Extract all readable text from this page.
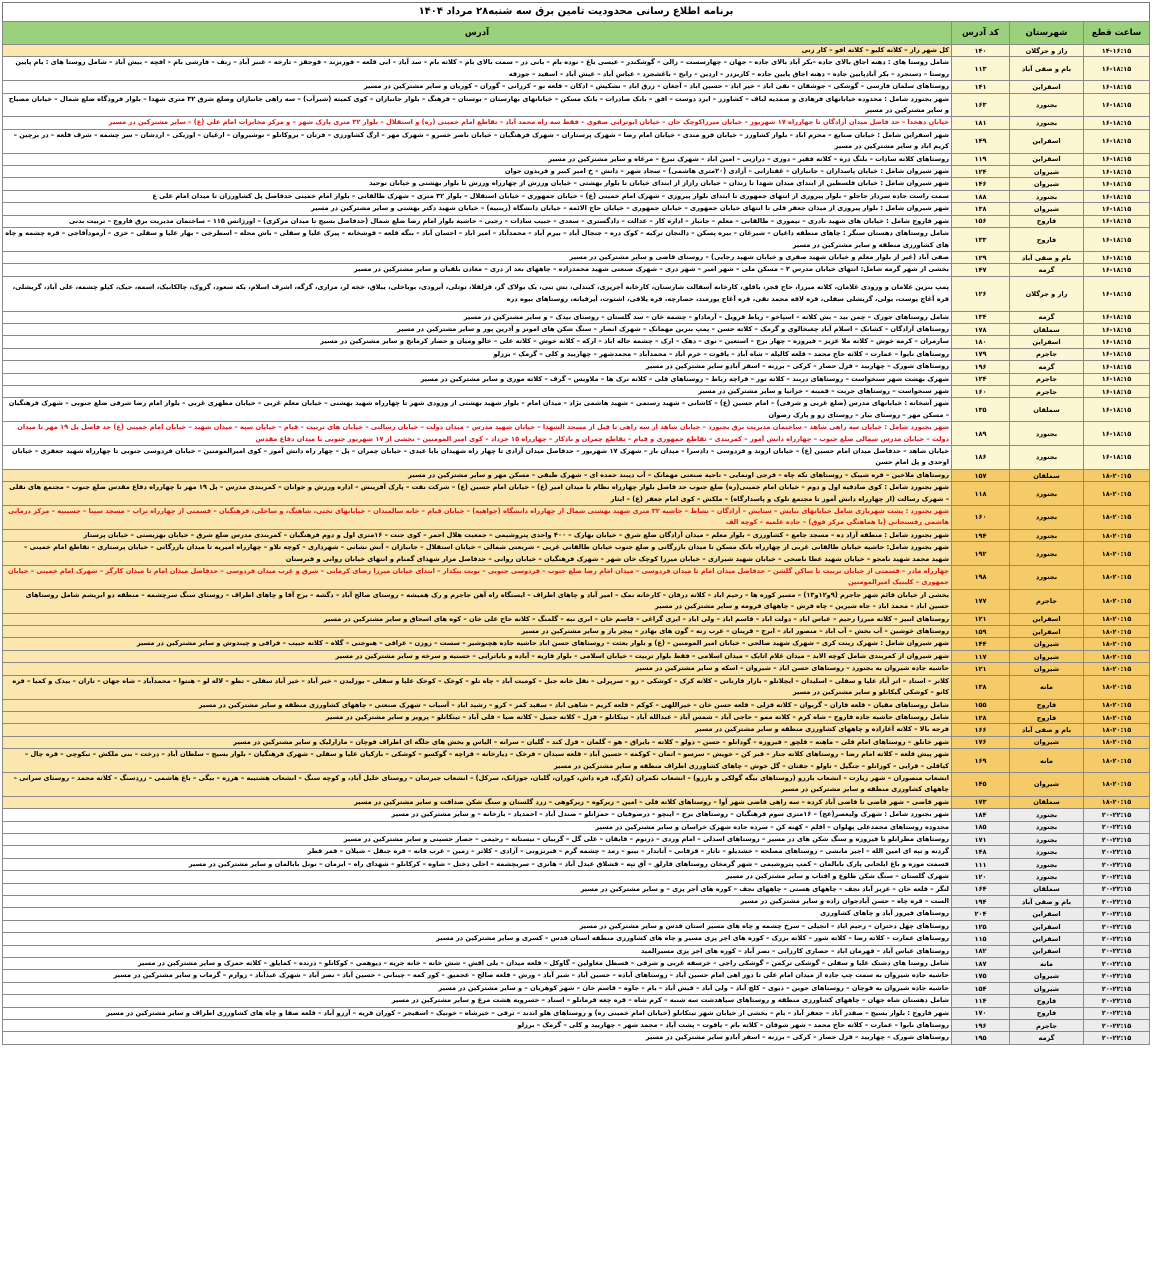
برنامه اطلاع رسانی محدودیت تامین برق سه شنبه۲۸ مرداد ۱۴۰۴
ساعت قطع	شهرستان	کد آدرس	آدرس
۱۴-۱۶:۱۵	راز و جرگلان	۱۴۰	کل شهر راز – کلاته کلیو – کلاته افو – کار زنی
۱۶-۱۸:۱۵	بام و صفی آباد	۱۱۳	شامل روستا های : دهنه اجاق بالای جاده –بکر آباد بالای جاده – جهان – چهارسست – زالی – گوشکندر – عیسی باغ – نوده بام – بانی در – سمت بالای بام – کلاته بام – سد آباد – ابی قلعه – فورنزند – قوجقز – تارخه – عنبر آباد – زنف – فارشی بام – افچه – بیش آباد – شامل روستا های : بام پایین روستا – دستجرد – بکر آبادپایین جاده – دهنه اجاق پایین جاده – کاریزدر – اردین – رابخ – باغشجرد – عباس آباد – عیش آباد – اسفید – جوزقه
۱۶-۱۸:۱۵	اسفراین	۱۴۱	روستاهای سلمان فارسی – گوشکی – جوشقان – نقی اباد – خیر اباد – حسین اباد – آجغان – زرق اباد – نشکیش – ادکان – قلعه نو – کرزانی – گوران – کوریان و سایر مشترکین در مسیر
۱۶-۱۸:۱۵	بجنورد	۱۶۳	شهر بجنورد شامل : محدوده خیابانهای فرهادی و صمدیه لباف – کشاورز – ایزد دوست – افق – بانک صادرات – بانک مسکن – خیابانهای بهارستان – بوستان – فرهنگ – بلوار جانبازان – کوی کمیته (شیرآب) – سه راهی جانبازان وضلع شرق ۳۲ متری شهدا – بلوار فرودگاه ضلع شمال – خیابان مصباح و سایر مشترکین در مسیر
۱۶-۱۸:۱۵	بجنورد	۱۸۱	خیابان دهخدا – حد فاصل میدان آزادگان تا چهارراه ۱۷ شهریور – خیابان میرزاکوچک خان – خیابان ابوترابی صفوی – فقط سه راه محمد آباد – تقاطع امام خمینی (ره) و استقلال – بلوار ۳۲ متری پارک شهر – و مرکز مخابرات امام علی (ع) – سایر مشترکین در مسیر
۱۶-۱۸:۱۵	اسفراین	۱۴۹	شهر اسفراین شامل : خیابان صنایع – محرم اباد – بلوار کشاورز – خیابان فرو مندی – خیابان امام رضا – شهرک پرستاران – شهرک فرهنگیان – خیابان ناصر خسرو – شهرک مهر – ارگ کشاورزی – فرتان – بروکانلو – نوشیروان – ارغیان – اوزبکی – اردشان – سر چشمه – شرف قلعه – در برچین – کریم اباد و سایر مشترکین در مسیر
۱۶-۱۸:۱۵	اسفراین	۱۱۹	روستاهای کلاته سادات – بلنگ دره – کلاته فقیر – دوری – درازیی – امین اباد – شهرک تیرغ – مرغاه و سایر مشترکین در مسیر
۱۶-۱۸:۱۵	شیروان	۱۲۴	شهر شیروان شامل : خیابان پاسداران – جانبازان – غفتازانی – آزادی (۲۰متری هاشمی) – سجاد شهر – دانش – خ امیر کبیر و فریدون جوان
۱۶-۱۸:۱۵	شیروان	۱۴۶	شهر شیروان شامل : خیابان فلسطین از ابتدای میدان شهدا تا زندان – خیابان رازاز از ابتدای خیابان تا بلوار بهشتی – خیابان ورزش از چهارراه ورزش تا بلوار بهشتی و خیابان توحید
۱۶-۱۸:۱۵	بجنورد	۱۸۸	سمت راست جاده سردار جاجلو – بلوار پیروزی از انتهای جمهوری تا ابتدای بلوار پیروزی – شهرک امام خمینی (ع) – خیابان جمهوری – خیابان استقلال – بلوار ۳۲ متری – شهرک طالقانی – بلوار امام خمینی حدفاصل پل کشاورزان تا میدان امام علی ع
۱۶-۱۸:۱۵	شیروان	۱۳۸	شهر شیروان شامل : بلوار پیروزی از میدان جعفر قلی تا انتهای خیابان جمهوری – خیابان جمهوری – خیابان حاج الائمه – خیابان دانشگاه (زینبیه) – خیابان شهید دکتر بهشتی و سایر مشترکین در مسیر
۱۶-۱۸:۱۵	فاروج	۱۵۶	شهر فاروج شامل : خیابان های شهید نادری – تیموری – طالقانی – معلم – جانباز – اداره کار – عدالت – دادگستری – سعدی – حبیب سادات – رجبی – حاشیه بلوار امام رضا ضلع شمال (حدفاصل بسیج تا میدان مرکزی) – اورژانس ۱۱۵ – ساختمان مدیریت برق فاروج – تربیت بدنی
۱۶-۱۸:۱۵	فاروج	۱۳۳	شامل روستاهای دهستان سنگر : چاهای منطقه داغیان – شیرغان – بیره پسکن – دالنجان ترکیه – کوک دره – جنجال آباد – بیرم آباد – محمدآباد – امیر اباد – احسان آباد – بنگه قلعه – قوشخانه – پیرک علیا و سفلی – باش محله – اسطرخی – بهار علیا و سفلی – خزی – آرمودآقاجی – قره چشمه و چاه های کشاورزی منطقه و سایر مشترکین در مسیر
۱۶-۱۸:۱۵	بام و صفی آباد	۱۲۹	صفی آباد (غیر از بلوار معلم و خیابان شهید صفری و خیابان شهید رجایی) – روستای قاضی و سایر مشترکین در مسیر
۱۶-۱۸:۱۵	گرمه	۱۴۷	بخشی از شهر گرمه شامل: انتهای خیابان مدرس ۲ – مسکن ملی – شهر امیر – شهر دری – شهرک صنعتی شهید محمدزاده – چاههای بعد از دری – معادن بلقیان و سایر مشترکین در مسیر
۱۶-۱۸:۱۵	راز و جرگلان	۱۲۶	پمپ بنزین غلامان و ورودی غلامان، کلاته میرزا، حاج قجر، باقلق، کارخانه آسفالت شارستان، کارخانه آجرپزی، کیندلی، تش تبی، یک بولاک گز، قزلقلا، توتلی، آبرودی، بوباخلی، ییلاق، خخه لر، مزاری، گزگه، اشرف اسلام، یکه سعود، گزوک، چالکانیک، اسمه، حیک، کیلو چشمه، علی آباد، گریشلی، قره آغاچ پوست، یولی، گریشلی سفلی، قره لاقه محمد تقی، قره آغاج پورمند، حصارچه، قره یلاقی، اشتوت، آیرقیانه، روستاهای بیوه دره
۱۶-۱۸:۱۵	گرمه	۱۳۴	شامل روستاهای جوزک – چمن بید – بش کلاته – اسپاخو – رباط قرویل – آرماداو – چشمه خان – سد گلستان – روستای بیدک – و سایر مشترکین در مسیر
۱۶-۱۸:۱۵	سملقان	۱۷۸	روستاهای آزادگان – کشانک – اسلام آباد چغبخالوی و گرمک – کلاته حسن – پمپ بنزین مهمانک – شهرک انصار – سنگ شکن های امونز و آذرین پور و سایر مشترکین در مسیر
۱۶-۱۸:۱۵	اسفراین	۱۸۰	سارمران – کرمه خوش – کلاته ملا عزیز – فیروزه – چهار برج – استعین – نوی – دهک – ارک – چشمه خاله اباد – ارکه – کلاته خوش – کلاته علی – خالو ومیان و حصار کرمانج و سایر مشترکین در مسیر
۱۶-۱۸:۱۵	جاجرم	۱۷۹	روستاهای نابوا – عمارت – کلاته حاج محمد – قلعه کالیله – شاه آباد – یاقوت – خرم آباد – محمدآباد – محمدشهر – چهاربید و کلی – گرمک – برزلو
۱۶-۱۸:۱۵	گرمه	۱۹۶	روستاهای شورک – چهاربید – قزل حصار – کرکی – برزنه – اسفر آبادو سایر مشترکین در مسیر
۱۶-۱۸:۱۵	جاجرم	۱۲۴	شهرک بهشت شهر سنخواست – روستاهای دربند – کلاته تور – قراچه رباط – روستاهای قلی – کلاته ترک ها – ملاویس – گرف – کلاته موری و سایر مشترکین در مسیر
۱۶-۱۸:۱۵	جاجرم	۱۶۰	شهر سنخواست – روستاهای جربت – قمینه – خرانیا و سایر مشترکین در مسیر
۱۶-۱۸:۱۵	سملقان	۱۳۵	شهر آشخانه : خیابانهای مدرس (ضلع غربی و شرقی) – امام حسین (ع) – کاشانی – شهید رستمی – شهید هاشمی نژاد – میدان امام – بلوار شهید بهشتی از ورودی شهر تا چهارراه شهید بهشتی – خیابان معلم غربی – خیابان مطهری غربی – بلوار امام رضا شرقی ضلع جنوبی – شهرک فرهنگیان – مسکن مهر – روستای بیار – روستای زو و پارک رضوان
۱۶-۱۸:۱۵	بجنورد	۱۸۹	شهر بجنورد شامل : خیابان سه راهی شاهد – ساختمان مدیریت برق بجنورد – خیابان شاهد از سه راهی تا قبل از مسجد الشهدا – خیابان شهید مدرس – میدان دولت – خیابان رسالتی – خیابان های تربیت – قیام – خیابان سپه – میدان شهید – خیابان امام خمینی (ع) حد فاصل پل ۱۹ مهر تا میدان دولت – خیابان مدرس شمالی ضلع جنوب – چهارراه دانش آموز – کمربندی – تقاطع جمهوری و قیام – تقاطع چمران و بادکار – چهارراه ۱۵ خرداد – کوی امیر المومنین – بخشی از ۱۷ شهریور جنوبی تا میدان دفاع مقدس
۱۶-۱۸:۱۵	بجنورد	۱۸۶	خیابان شاهد – حدفاصل میدان امام حسین (ع) – خیابان اروند و فردوسی – دادسرا – میدان باز – شهرک ۱۷ شهریور – حدفاصل میدان آزادی تا چهار راه شهیدان بابا عیدی – خیابان چمران – پل – چهار راه دانش آموز – کوی امیرالمومنین – خیابان فردوسی جنوبی تا چهارراه شهید جعفری – خیابان اوحدی و پل امام حسن
۱۸-۲۰:۱۵	سملقان	۱۵۷	روستاهای ملاخین – قره شیبک – روستاهای تکه چاه – قرجی اونمایی – ناحیه صنعتی مهمانک – آب دیبند حمده ای – شهرک طبقی – مسکن مهر و سایر مشترکین در مسیر
۱۸-۲۰:۱۵	بجنورد	۱۱۸	شهر بجنورد شامل : کوی صادقیه اول و دوم – خیابان امام خمینی(ره) ضلع جنوب حد فاصل بلوار چهارراه نظام تا میدان امیر (ع) – خیابان امام حسین (ع) – شرکت نفت – پارک آفرینش – اداره ورزش و جوانان – کمربندی مدرس – پل ۱۹ مهر تا چهارراه دقاع مقدس ضلع جنوب – مجتمع های نقلی – شهرک رسالت (از چهارراه دانش آموز تا مجتمع تلوک و پاسدارگاه) – ملکش – کوی امام جعفر (ع) – ایثار
۱۸-۲۰:۱۵	بجنورد	۱۶۰	شهر بجنورد : پشت شهربازی شامل خیابانهای نیایش – ستایش – آزادگان – نشاط – حاشیه ۳۲ متری شهید بهشتی شمال از چهارراه دانشگاه (جواهیه) – خیابان قیام – خانه سالمندان – خیابانهای تختی، شاهنگ، و ساحلی، فرهنگیان – قسمتی از چهارراه تراب – مسجد سیبا – حسینیه – مرکز درمانی هاشمی رفسنجانی (با هماهنگی مرکز فوق) – جاده علمیه – کوچه الف
۱۸-۲۰:۱۵	بجنورد	۱۹۴	شهر بجنورد شامل : منطقه آزاد ده – مسجد جامع – کشاورزی – بلوار معلم – میدان آزادگان ضلع شرق – خیابان بهارک – ۴۰۰ واحدی پتروشیمی – جمعیت هلال احمر – کوی جنت – ۱۶متری اول و دوم فرهنگیان – کمربندی مدرس ضلع شرق – خیابان بهزیستی – خیابان پرستار
۱۸-۲۰:۱۵	بجنورد	۱۹۲	شهر بجنورد شامل: حاشیه خیابان طالقانی غربی از چهارراه بانک مسکن تا میدان بازرگانی و ضلع جنوب خیابان طالقانی غربی – شریعتی شمالی – خیابان استقلال – جانبازان – آتش نشانی – شهرداری – کوچه تلاو – چهارراه امیریه تا میدان بازرگانی – خیابان پرستاری – تقاطع امام خمینی – شهید محمد شهید نامجو – خیابان شهید عطا ناصحی – خیابان شهید شیرازی – خیابان میرزا کوچک خان شهر – شهرک فرهنگیان – خیابان روانی – حدفاصل مزار شهدای گمنام و انتهای خیابان روانی و قبرستان
۱۸-۲۰:۱۵	بجنورد	۱۹۸	چهارراه مادر – قسمتی از خیابان تربیت تا ساکن گلشن – حدفاصل میدان امام تا میدان فردوسی – میدان امام رضا ضلع جنوب – فردوسی جنوبی – نوبت بنکدار – ابتدای خیابان میرزا رضای کرمانی – شرق و غرب میدان فردوسی – حدفاصل میدان امام تا میدان کارگر – شهرک امام خمینی – خیابان جمهوری – کلینیک امیرالمومنین
۱۸-۲۰:۱۵	جاجرم	۱۷۷	بخشی از خیابان قائم شهر جاجرم (۹و۱۲و۱۳) – مسیر کوره ها – رحیم اباد – کلاته درقان – کارخانه نمک – امیر آباد و چاهای اطراف – ایستگاه راه آهن جاجرم و رک همیشه – روستای صالح آباد – دگشه – برج آقا و چاهای اطراف – روستای سنگ سرچشمه – منطقه دو ابریشم شامل روستاهای حسین اباد – محمد اباد – جاه شیرین – چاه فرش – چاههای فرومه و سایر مشترکین در مسیر
۱۸-۲۰:۱۵	اسفراین	۱۲۱	روستاهای انبیز – کلاته میرزا رحیم – عباس اباد – دولت اباد – قاسم اباد – ولی اباد – ایزی گراغی – قاسم خان – ابری نبه – گلمنگ – کلاته حاج علی خان – کوه های اسحاق و سایر مشترکین در مسیر
۱۸-۲۰:۱۵	اسفراین	۱۵۹	روستاهای خوشین – آب بخش – آب اباد – منصور اباد – ابرج – قرینان – عرب زنه – گون های بهادر – پیچر یاز و سایر مشترکین در مسیر
۱۸-۲۰:۱۵	شیروان	۱۴۴	شهر شیروان شامل : شهرک زینت کری – شهرک شهید صالحی – خیابان امیر المومنین – (ع) و بلوار بعثت – روستاهای حسن اباد حاشیه جاده هچنوشیر – سست – زوزن – عراقی – هنوجنی – گلاه – کلاته حبیب – فراقی و چیندوش و سایر مشترکین در مسیر
۱۸-۲۰:۱۵	شیروان	۱۱۷	شهر شیروان از کمربندی شامل کوچه الابد – میدان غلام اتابک – میدان اسلامی – فقط بلوار تربیت – خیابان اسلامی – بلوار قاریه – آباده و باباترابی – حسنیه و سرخه و سایر مشترکین در مسیر
۱۸-۲۰:۱۵	شیروان	۱۲۱	حاشیه جاده شیروان به بجنورد – روستاهای حسن اباد – شیروان – اسکه و سایر مشترکین در مسیر
۱۸-۲۰:۱۵	مانه	۱۳۸	کلاتر – استاد – اتر آباد علیا و سفلی – اسلیدان – ایچلانلو – بازار قارنانی – کلاته کرک – کوشکی – زو – سرپرلی – نقل خانه جبل – کومیت آباد – چاه تلو – کوخک – کوخک علیا و سفلی – یوزلیدن – خیر آباد – خیر آباد سفلی – تطو – لاله لو – هنتوا – محمدآباد – شاه جهان – تاران – بیدک و کمیا – قره کانو – کوشکی گیکانلو و سایر مشترکین در مسیر
۱۸-۲۰:۱۵	فاروج	۱۵۵	شامل روستاهای مقیان – قلعه قاران – گریوان – کلاته قزلی – قلعه حسن خان – خیراللهی – کوکم – قلعه کریم – شاهی اباد – سفید کمر – کرو – رشید اباد – آسیاب – شهرک صنعتی – چاههای کشاورزی منطقه و سایر مشترکین در مسیر
۱۸-۲۰:۱۵	فاروج	۱۲۸	شامل روستاهای حاشیه جاده فاروج – شاه کرم – کلاته ممو – حاجی آباد – شمس آباد – عبدالله آباد – تیتکانلو – قزل – کلاته جمیل – کلاته ضیا – قلی آباد – تیتکانلو – پرویز و سایر مشترکین در مسیر
۱۸-۲۰:۱۵	بام و صفی آباد	۱۶۶	فرجه بالا – کلاته آغازاده و چاههای کشاورزی منطقه و سایر مشترکین در مسیر
۱۸-۲۰:۱۵	شیروان	۱۷۶	شهر خانلق – روستاهای امام قلی – ماهنه – قلچق – فیروزه – گودانلو – حسن – دولو – کلاته – بایراق – هو – گلمان – قزل کند – گلیان – سرانه – الیاس و بخش های جلگه ای اطراف قوچان – مازارلیک و سایر مشترکین در مسیر
۱۸-۲۰:۱۵	مانه	۱۶۹	شهر پیش قلعه – کلاته امام رضا – روستاهای کلاته جنار – قبر کن – خویش – سرسو – اتمان – کوکمه – حسین آباد – قلعه سیدان – فرخک – دیارخانه – قراچه – گوکسو – کوشکی – بازکیان علیا و سفلی – شهرک فرهنگیان – بلوار بسیج – سلطان آباد – درخت – بنی ملکش – تبکوچی – قره چال – کیاقلی – قرایی – کوزانلو – جنگیل – تاولو – جفتان – گل خوش – چاهای کشاورزی اطراف منطقه و سایر مشترکین در مسیر
۱۸-۲۰:۱۵	شیروان	۱۴۵	انشعاب منصوران – شهر زیارت – انشعاب بارزو (روستاهای بیگه گولکی و بارزو) – انشعاب نکمران (تکرگ، قره داش، کوران، گلیان، جوزانک، سرکل) – انشعاب جبرسان – روستای خلیل آباد، و کوچه سنگ – انشعاب هشتیبه – هرزه – بیگی – باغ هاشمی – زردسنگ – کلاته محمد – روستای سرانی – چاههای کشاورزی منطقه و سایر مشترکین در مسیر
۱۸-۲۰:۱۵	سملقان	۱۷۳	شهر قاضی – شهر قاضی تا قاضی آباد کرده – سه راهی قاضی شهر آوا – روستاهای کلاته قلی – امین – زیرکوه – زیرکوهی – زرد گلستان و سنگ شکن صداقت و سایر مشترکین در مسیر
۲۰-۲۲:۱۵	بجنورد	۱۸۴	شهر بجنورد شامل : شهرک ولیعصر(عج) – ۱۶متری سوم فرهنگیان – روستاهای برج – اینچو – درصوفیان – حمزانلو – صندل آباد – احمدیاد – بازخانه – و سایر مشترکین در مسیر
۲۰-۲۲:۱۵	بجنورد	۱۸۵	محدوده روستاهای محمدعلی پهلوان – اقلم – کهنه کن – سرده جاده شهرک خراسان و سایر مشترکین در مسیر
۲۰-۲۲:۱۵	بجنورد	۱۷۱	روستاهای مطرانلو تا فیروزه و سنگ شکن های در مسیر – روستاهای اسدلی – امام وردی – درنوم – قابقان – علی گل – گربیان – نیستانه – رحیمی – حصار حسینی و سایر مشترکین در مسیر
۲۰-۲۲:۱۵	بجنورد	۱۴۸	گردنه و تپه ای امین الله – اجیر مانشی – روستاهای مصلحه – خشدیلو – تاتار – قرقانی – آتاندار – نیبو – رمد – چشمه گرم – قبرنزونی – آزادی – کلاتر – زمین – عرب قانه – قره جنقل – شیلان – قمر قطر
۲۰-۲۲:۱۵	بجنورد	۱۱۱	قسمت موزه و باغ ایلخانی پارک بابالمان – کمپ پتروشیمی – شهر گرمخان روستاهای قارلق – آق تپه – قشلاق عبدل آباد – هانزی – سربچشمه – احلی دختل – شاوه – کرکانلو – شهدای راه – ایزمان – نونل بابالمان و سایر مشترکین در مسیر
۲۰-۲۲:۱۵	بجنورد	۱۲۰	شهرک گلستان – سنگ شکن طلوع و اقتاب و سایر مشترکین در مسیر
۲۰-۲۲:۱۵	سملقان	۱۶۴	لنگر – قلعه خان – عزیز آباد نجف – چاههای هستی – چاههای نجف – کوره های آجر پزی – و سایر مشترکین در مسیر
۲۰-۲۲:۱۵	بام و صفی آباد	۱۹۴	الست – قره چاه – حسن آبادجوان زاده و سایر مشترکین در مسیر
۲۰-۲۲:۱۵	اسفراین	۲۰۴	روستاهای فیروز آباد و چاهای کشاورزی
۲۰-۲۲:۱۵	اسفراین	۱۲۵	روستاهای چهل دختران – رحیم اباد – انجیلی – سرخ چشمه و چاه های مسیر استان قدس و سایر مشترکین در مسیر
۲۰-۲۲:۱۵	اسفراین	۱۱۵	روستاهای عمارت – کلاته رضا – کلاته شور – کلاته بزرک – کوره های اجر پزی مسیر و چاه های کشاورزی منطقه استان قدس – کسری و سایر مشترکین در مسیر
۲۰-۲۲:۱۵	اسفراین	۱۸۲	روستاهای عباس آباد – فهرمان اباد – حصاری کارزانی – نصر آباد – کوره های اجر پزی مسیرالمید
۲۰-۲۲:۱۵	مانه	۱۸۷	شامل روستا های دشتک علیا و سفلی – گوشکی ترکمن – گوشکی راجی – خرسفه غربی و شرقی – قسطل مغاولین – گاوکل – قلعه میدان – بلی اقش – شش خانه – خانه جریه – دیوهمی – کوکانلو – درنده – کمایلق – کلاته حمزک و سایر مشترکین در مسیر
۲۰-۲۲:۱۵	شیروان	۱۷۵	حاشیه جاده شیروان به سمت چپ جاده از میدان امام علی تا دور اهی امام حسین آباد – روستاهای آباده – حسین آباد – شیر آباد – ورش – قلعه صالح – عجمیق – کور کمه – چینانی – حسین آباد – نصر آباد – شهرک عبدآباد – زوارم – گرماب و سایر مشترکین در مسیر
۲۰-۲۲:۱۵	شیروان	۱۵۴	حاشیه جاده شیروان به قوچان – روستاهای جوین – دیوی – کلچ آباد – ولی آباد – قیش آباد – یام – جاوه – قاسم خان – شهر کوهریان – و سایر مشترکین در مسیر
۲۰-۲۲:۱۵	فاروج	۱۱۴	شامل دهستان شاه جهان – چاههای کشاورزی منطقه و روستاهای سیاهدشت سه شنبه – کرم شاه – قره چغه فرمانلو – اسناد – خسرویه هشت مرغ و سایر مشترکین در مسیر
۲۰-۲۲:۱۵	فاروج	۱۷۰	شهر فاروج : بلوار بسیج – صفدر آباد – جعفر آباد – بام – بخشی از خیابان شهر تیتکانلو (خیابان امام خمینی ره) و روستاهای هلو اندند – ترقی – خیرشاه – خونیک – اسفیجر – کوران قریه – آرزو آباد – قلعه صفا و چاه های کشاورزی اطراف و سایر مشترکین در مسیر
۲۰-۲۲:۱۵	جاجرم	۱۹۶	روستاهای نابوا – عمارت – کلاته حاج محمد – شهر شوقان – کلاته بام – یاقوت – پشت آباد – محمد شهر – چهاربید و کلی – گرمک – برزلو
۲۰-۲۲:۱۵	گرمه	۱۹۵	روستاهای شورک – چهاربید – قزل حصار – کرکی – برزنه – اسفر آبادو سایر مشترکین در مسیر
